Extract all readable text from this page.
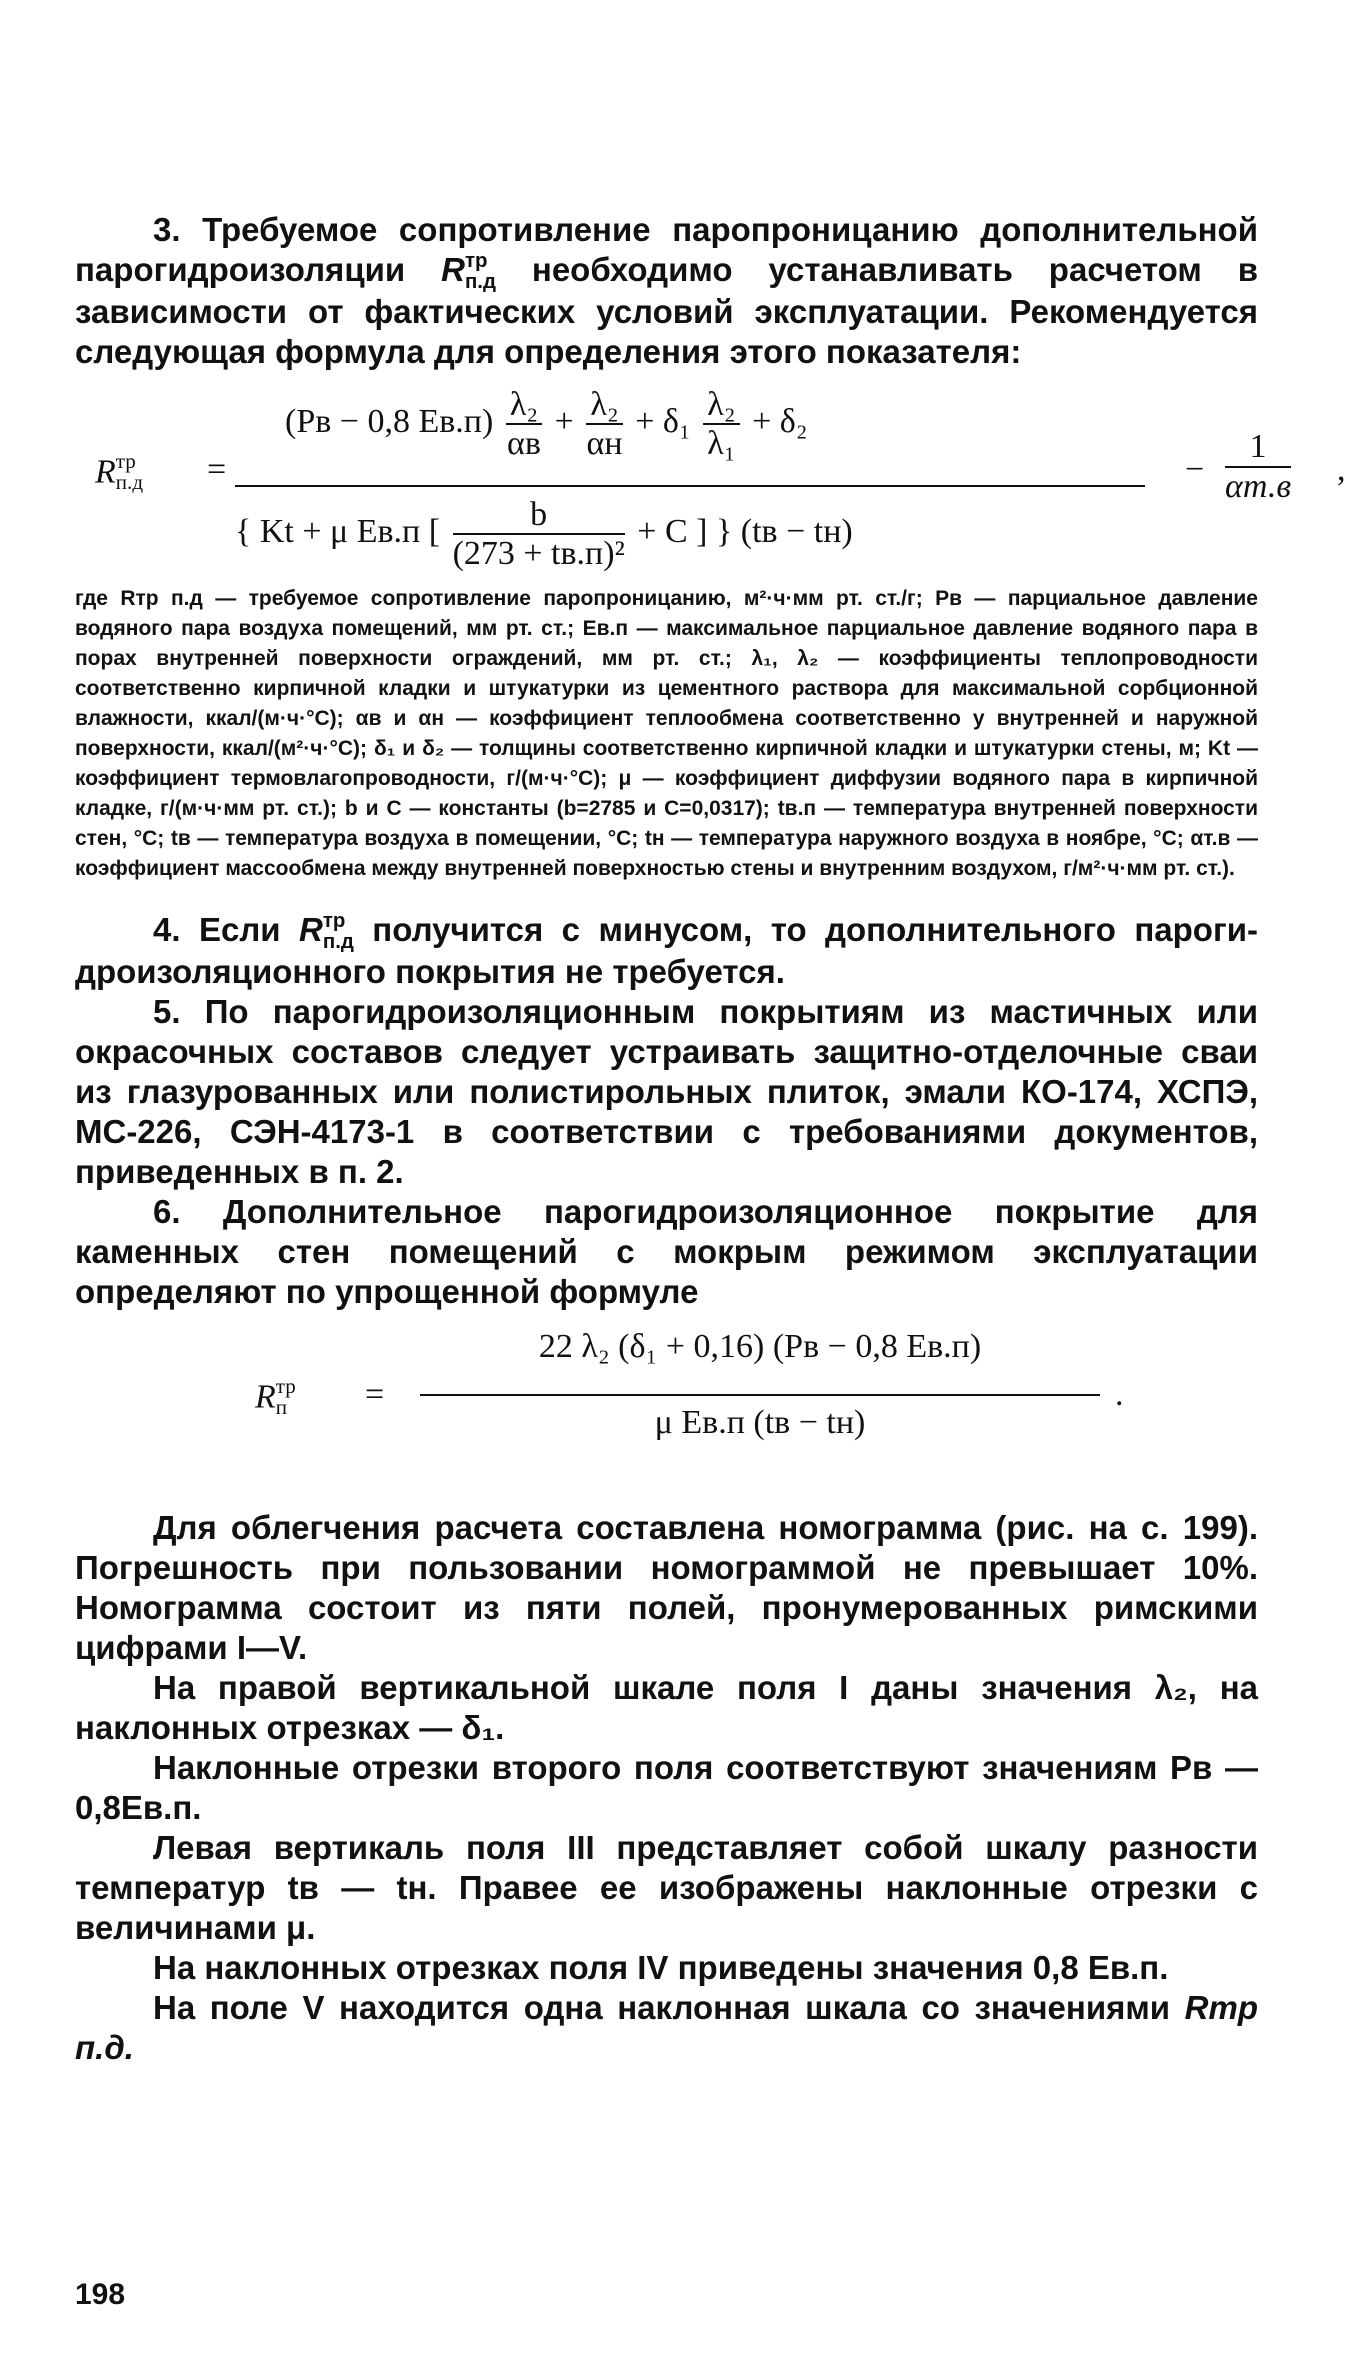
3. Требуемое сопротивление паропроницанию дополнительной парогидроизоляции R тр
п.д необходимо устанавливать расчетом в зависимости от фактических условий эксплуатации. Рекомендуется следующая формула для определения этого показателя:

R тр
п.д =
(Pв − 0,8 $Eв.п) \frac{\text{λ₂}}{\alpha в} + \frac{\text{λ₂}}{\alpha н} + \delta_1 \frac{\text{λ₂}}{\text{λ₁}} + \delta_2$
{ Kt + μ Eв.п [ $\frac{b}{\text{(273 + tв.п)²}} + C$ ] } (tв − tн)
−
1
αт.в ,

где Rтр п.д — требуемое сопротивление паропроницанию, м²·ч·мм рт. ст./г; Pв — парциальное давление водяного пара воздуха помещений, мм рт. ст.; Eв.п — максимальное парциальное давление водяного пара в порах внутренней поверхности ограждений, мм рт. ст.; λ₁, λ₂ — коэффициенты теплопроводности соответственно кирпичной кладки и штукатурки из цементного раствора для максимальной сорбционной влажности, ккал/(м·ч·°С); αв и αн — коэффициент теплообмена соответственно у внутренней и наружной поверхности, ккал/(м²·ч·°С); δ₁ и δ₂ — толщины соответственно кирпичной кладки и штукатурки стены, м; Kt — коэффициент термовлагопроводности, г/(м·ч·°С); μ — коэффициент диффузии водяного пара в кирпичной кладке, г/(м·ч·мм рт. ст.); b и C — константы (b=2785 и C=0,0317); tв.п — температура внутренней поверхности стен, °С; tв — температура воздуха в помещении, °С; tн — температура наружного воздуха в ноябре, °С; αт.в — коэффициент массообмена между внутренней поверхностью стены и внутренним воздухом, г/м²·ч·мм рт. ст.).

4. Если R тр
п.д получится с минусом, то дополнительного парогидроизоляционного покрытия не требуется.

5. По парогидроизоляционным покрытиям из мастичных или окрасочных составов следует устраивать защитно-отделочные сваи из глазурованных или полистирольных плиток, эмали КО-174, ХСПЭ, МС-226, СЭН-4173-1 в соответствии с требованиями документов, приведенных в п. 2.

6. Дополнительное парогидроизоляционное покрытие для каменных стен помещений с мокрым режимом эксплуатации определяют по упрощенной формуле

R тр
п =
22 λ₂ (δ₁ + 0,16) (Pв − 0,8 Eв.п)
μ Eв.п (tв − tн)
.

Для облегчения расчета составлена номограмма (рис. на с. 199). Погрешность при пользовании номограммой не превышает 10%. Номограмма состоит из пяти полей, пронумерованных римскими цифрами I—V.

На правой вертикальной шкале поля I даны значения λ₂, на наклонных отрезках — δ₁.

Наклонные отрезки второго поля соответствуют значениям Pв — 0,8Eв.п.

Левая вертикаль поля III представляет собой шкалу разности температур tв — tн. Правее ее изображены наклонные отрезки с величинами μ.

На наклонных отрезках поля IV приведены значения 0,8 Eв.п.

На поле V находится одна наклонная шкала со значениями Rтр п.д.

198
